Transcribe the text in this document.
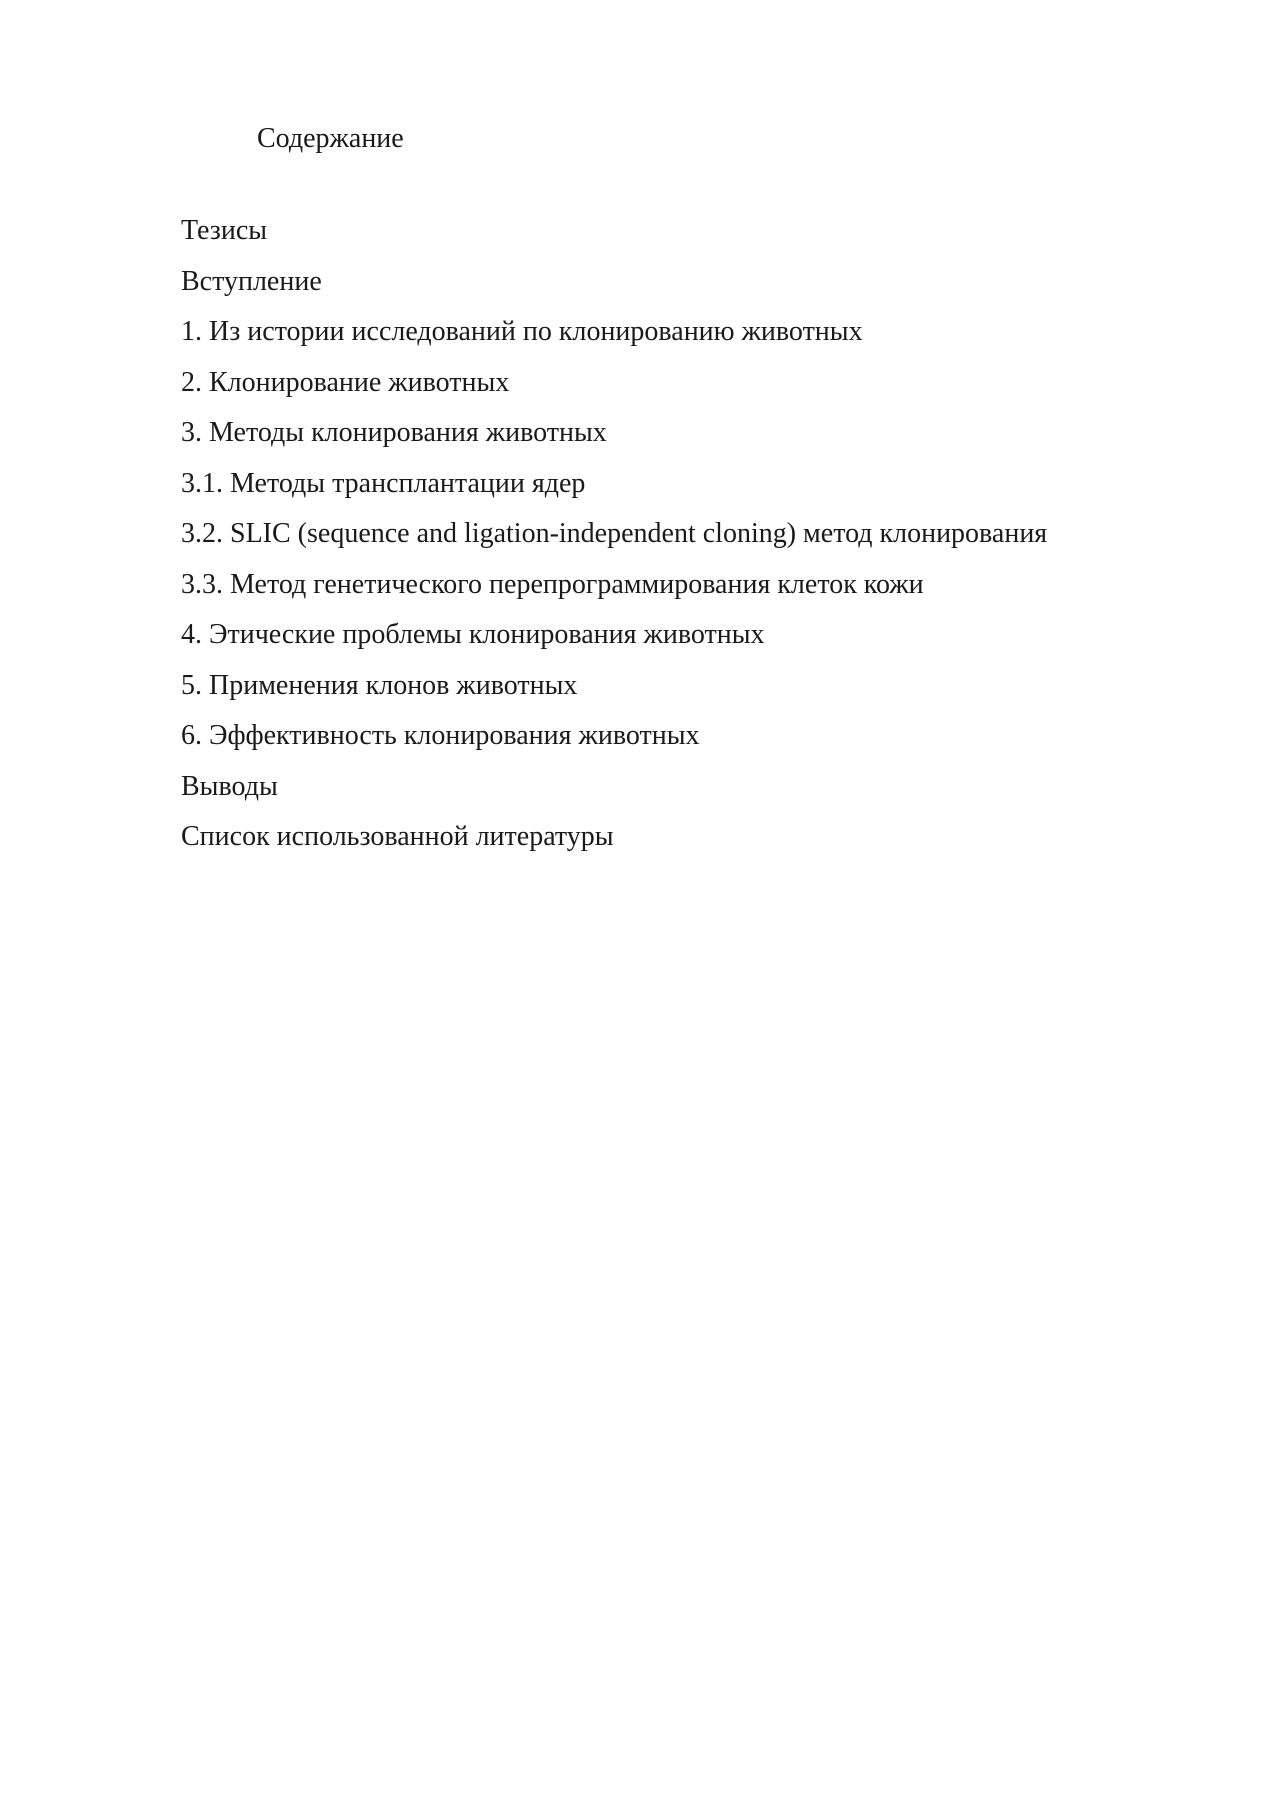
Содержание
Тезисы
Вступление
1. Из истории исследований по клонированию животных
2. Клонирование животных
3. Методы клонирования животных
3.1. Методы трансплантации ядер
3.2. SLIC (sequence and ligation-independent cloning) метод клонирования
3.3. Метод генетического перепрограммирования клеток кожи
4. Этические проблемы клонирования животных
5. Применения клонов животных
6. Эффективность клонирования животных
Выводы
Список использованной литературы
